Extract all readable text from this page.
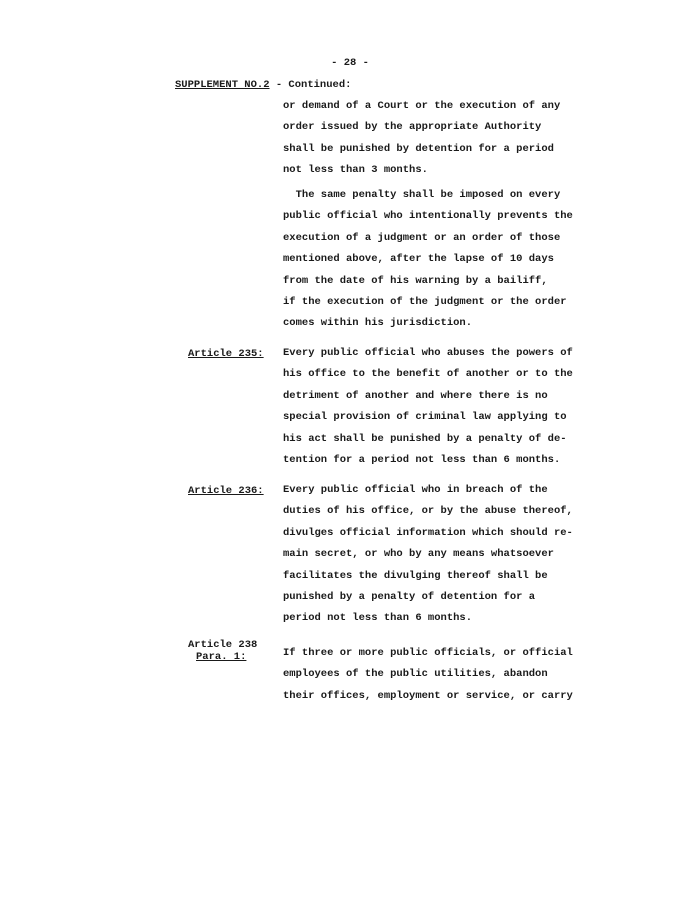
- 28 -
SUPPLEMENT NO.2 - Continued:
or demand of a Court or the execution of any
order issued by the appropriate Authority
shall be punished by detention for a period
not less than 3 months.
The same penalty shall be imposed on every
public official who intentionally prevents the
execution of a judgment or an order of those
mentioned above, after the lapse of 10 days
from the date of his warning by a bailiff,
if the execution of the judgment or the order
comes within his jurisdiction.
Article 235: Every public official who abuses the powers of
his office to the benefit of another or to the
detriment of another and where there is no
special provision of criminal law applying to
his act shall be punished by a penalty of de-
tention for a period not less than 6 months.
Article 236: Every public official who in breach of the
duties of his office, or by the abuse thereof,
divulges official information which should re-
main secret, or who by any means whatsoever
facilitates the divulging thereof shall be
punished by a penalty of detention for a
period not less than 6 months.
Article 238
Para. 1:	If three or more public officials, or official
employees of the public utilities, abandon
their offices, employment or service, or carry
